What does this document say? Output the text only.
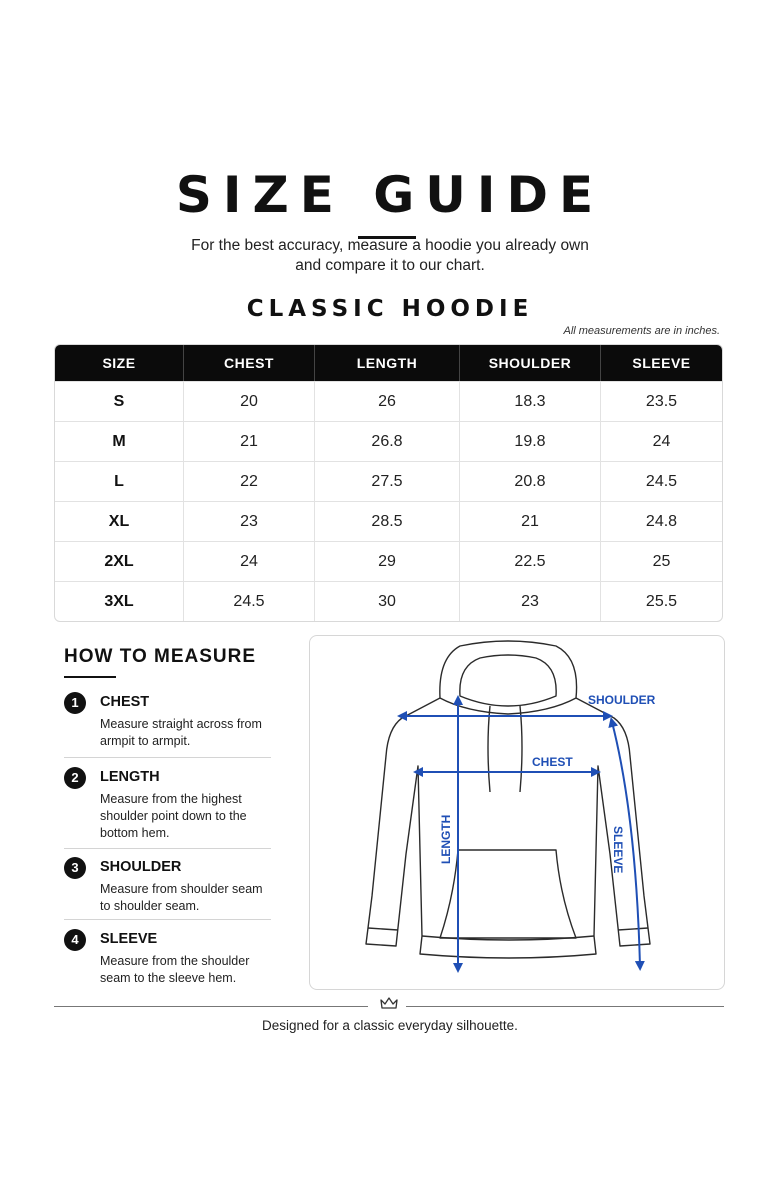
SIZE GUIDE
For the best accuracy, measure a hoodie you already own
and compare it to our chart.
CLASSIC HOODIE
All measurements are in inches.
SIZE	CHEST	LENGTH	SHOULDER	SLEEVE
S	20	26	18.3	23.5
M	21	26.8	19.8	24
L	22	27.5	20.8	24.5
XL	23	28.5	21	24.8
2XL	24	29	22.5	25
3XL	24.5	30	23	25.5
HOW TO MEASURE
1	CHEST
Measure straight across from armpit to armpit.
2	LENGTH
Measure from the highest shoulder point down to the bottom hem.
3	SHOULDER
Measure from shoulder seam to shoulder seam.
4	SLEEVE
Measure from the shoulder seam to the sleeve hem.
SHOULDER
CHEST
LENGTH	SLEEVE
Designed for a classic everyday silhouette.
